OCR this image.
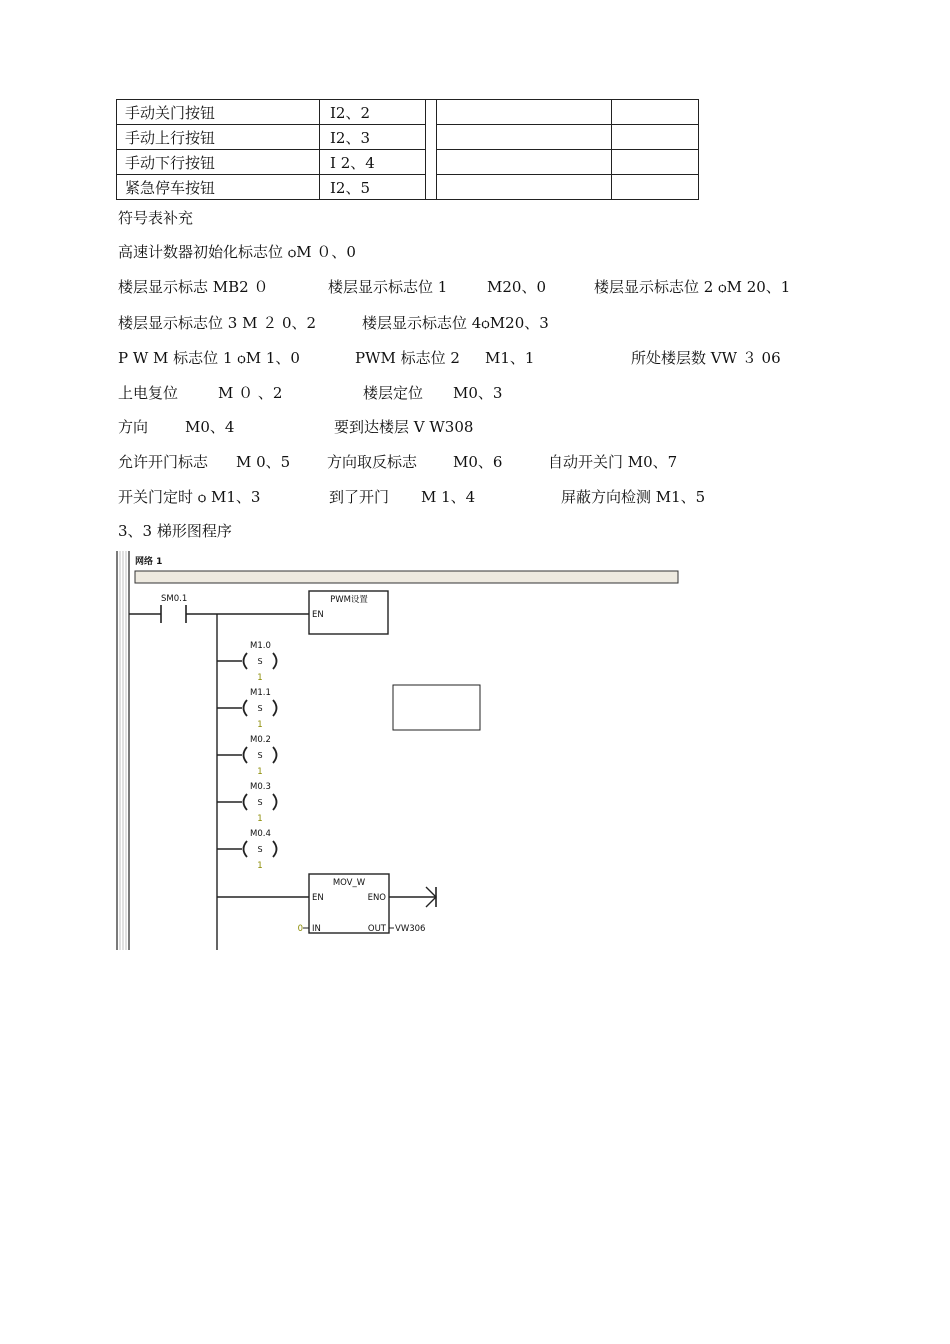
手动关门按钮	I2、2			
手动上行按钮	I2、3			
手动下行按钮	I 2、4			
紧急停车按钮	I2、5			
符号表补充
高速计数器初始化标志位 ѻM ０、0
楼层显示标志 MB2 ０	楼层显示标志位 1	M20、0	楼层显示标志位 2 ѻM 20、1
楼层显示标志位 3 M ２ 0、2	楼层显示标志位 4ѻM20、3
P W M 标志位 1 ѻM 1、0	PWM 标志位 2 M1、1	所处楼层数 VW ３ 06
上电复位	M ０ 、2	楼层定位 M0、3
方向 M0、4	要到达楼层 V W308
允许开门标志 M 0、5 方向取反标志 M0、6	自动开关门 M0、7
开关门定时 ѻ M1、3	到了开门 M 1、4	屏蔽方向检测 M1、5
3、3 梯形图程序
网络 1
SM0.1	PWM设置
EN
M1.0
S
1
M1.1
S
1
M0.2
S
1
M0.3
S
1
M0.4
S
1
MOV_W
EN	ENO
IN	OUT
0	VW306
